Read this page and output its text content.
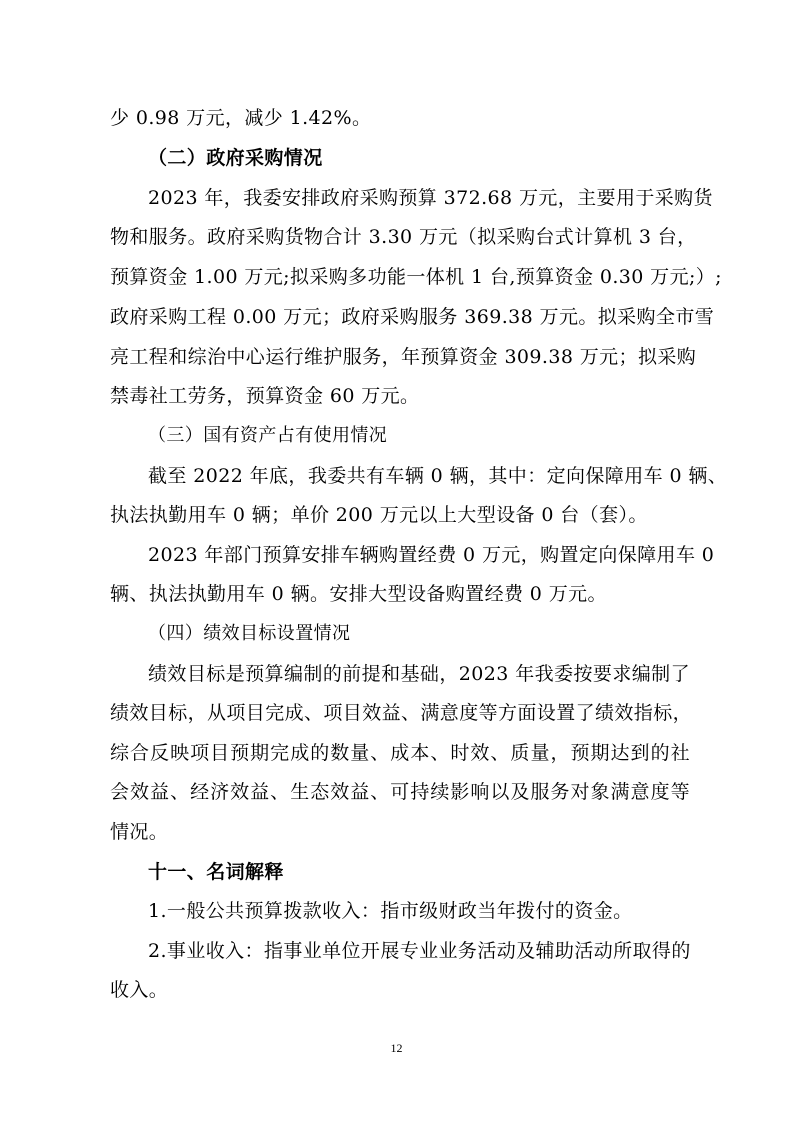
少 0.98 万元，减少 1.42%。
（二）政府采购情况
2023 年，我委安排政府采购预算 372.68 万元，主要用于采购货
物和服务。政府采购货物合计 3.30 万元（拟采购台式计算机 3 台，
预算资金 1.00 万元;拟采购多功能一体机 1 台,预算资金 0.30 万元;）;
政府采购工程 0.00 万元；政府采购服务 369.38 万元。拟采购全市雪
亮工程和综治中心运行维护服务，年预算资金 309.38 万元；拟采购
禁毒社工劳务，预算资金 60 万元。
（三）国有资产占有使用情况
截至 2022 年底，我委共有车辆 0 辆，其中：定向保障用车 0 辆、
执法执勤用车 0 辆；单价 200 万元以上大型设备 0 台（套）。
2023 年部门预算安排车辆购置经费 0 万元，购置定向保障用车 0
辆、执法执勤用车 0 辆。安排大型设备购置经费 0 万元。
（四）绩效目标设置情况
绩效目标是预算编制的前提和基础，2023 年我委按要求编制了
绩效目标，从项目完成、项目效益、满意度等方面设置了绩效指标，
综合反映项目预期完成的数量、成本、时效、质量，预期达到的社
会效益、经济效益、生态效益、可持续影响以及服务对象满意度等
情况。
十一、名词解释
1.一般公共预算拨款收入：指市级财政当年拨付的资金。
2.事业收入：指事业单位开展专业业务活动及辅助活动所取得的
收入。
12
